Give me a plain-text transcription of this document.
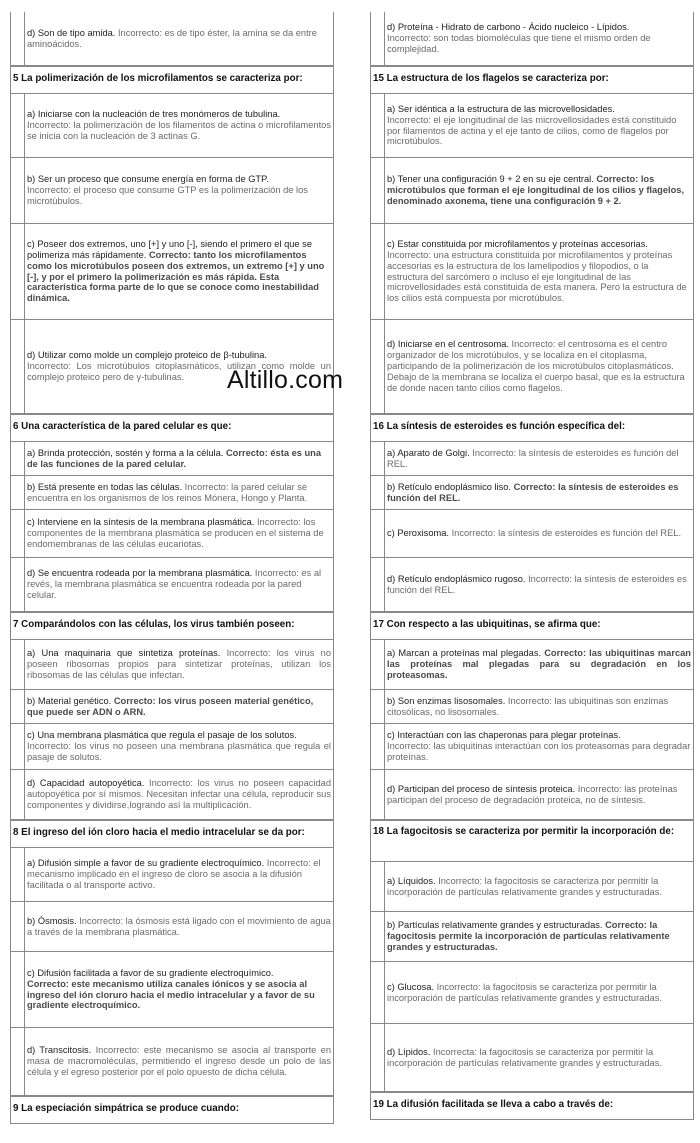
d) Son de tipo amida. Incorrecto: es de tipo éster, la amina se da entre aminoácidos.
5 La polimerización de los microfilamentos se caracteriza por:
a) Iniciarse con la nucleación de tres monómeros de tubulina.
Incorrecto: la polimerización de los filamentos de actina o microfilamentos se inicia con la nucleación de 3 actinas G.
b) Ser un proceso que consume energía en forma de GTP.
Incorrecto: el proceso que consume GTP es la polimerización de los microtúbulos.
c) Poseer dos extremos, uno [+] y uno [-], siendo el primero el que se polimeriza más rápidamente. Correcto: tanto los microfilamentos como los microtúbulos poseen dos extremos, un extremo [+] y uno [-], y por el primero la polimerización es más rápida. Esta característica forma parte de lo que se conoce como inestabilidad dinámica.
d) Utilizar como molde un complejo proteico de β-tubulina.
Incorrecto: Los microtúbulos citoplasmáticos, utilizan como molde un complejo proteico pero de γ-tubulinas.
6 Una característica de la pared celular es que:
a) Brinda protección, sostén y forma a la célula. Correcto: ésta es una de las funciones de la pared celular.
b) Está presente en todas las células. Incorrecto: la pared celular se encuentra en los organismos de los reinos Mónera, Hongo y Planta.
c) Interviene en la síntesis de la membrana plasmática. Incorrecto: los componentes de la membrana plasmática se producen en el sistema de endomembranas de las células eucariotas.
d) Se encuentra rodeada por la membrana plasmática. Incorrecto: es al revés, la membrana plasmática se encuentra rodeada por la pared celular.
7 Comparándolos con las células, los virus también poseen:
a) Una maquinaria que sintetiza proteínas. Incorrecto: los virus no poseen ribosomas propios para sintetizar proteínas, utilizan los ribosomas de las células que infectan.
b) Material genético. Correcto: los virus poseen material genético, que puede ser ADN o ARN.
c) Una membrana plasmática que regula el pasaje de los solutos.
Incorrecto: los virus no poseen una membrana plasmática que regula el pasaje de solutos.
d) Capacidad autopoyética. Incorrecto: los virus no poseen capacidad autopoyética por sí mismos. Necesitan infectar una célula, reproducir sus componentes y dividirse,logrando así la multiplicación.
8 El ingreso del ión cloro hacia el medio intracelular se da por:
a) Difusión simple a favor de su gradiente electroquímico. Incorrecto: el mecanismo implicado en el ingreso de cloro se asocia a la difusión facilitada o al transporte activo.
b) Ósmosis. Incorrecto: la ósmosis está ligado con el movimiento de agua a través de la membrana plasmática.
c) Difusión facilitada a favor de su gradiente electroquímico.
Correcto: este mecanismo utiliza canales iónicos y se asocia al ingreso del ión cloruro hacia el medio intracelular y a favor de su gradiente electroquímico.
d) Transcitosis. Incorrecto: este mecanismo se asocia al transporte en masa de macromoléculas, permitiendo el ingreso desde un polo de las célula y el egreso posterior por el polo opuesto de dicha célula.
9 La especiación simpátrica se produce cuando:
d) Proteína - Hidrato de carbono - Ácido nucleico - Lípidos.
Incorrecto: son todas biomoléculas que tiene el mismo orden de complejidad.
15 La estructura de los flagelos se caracteriza por:
a) Ser idéntica a la estructura de las microvellosidades.
Incorrecto: el eje longitudinal de las microvellosidades está constituido por filamentos de actina y el eje tanto de cilios, como de flagelos por microtúbulos.
b) Tener una configuración 9 + 2 en su eje central. Correcto: los microtúbulos que forman el eje longitudinal de los cilios y flagelos, denominado axonema, tiene una configuración 9 + 2.
c) Estar constituida por microfilamentos y proteínas accesorias.
Incorrecto: una estructura constituida por microfilamentos y proteínas accesorias es la estructura de los lamelipodios y filopodios, o la estructura del sarcómero o incluso el eje longitudinal de las microvellosidades está constituida de esta manera. Pero la estructura de los cilios está compuesta por microtúbulos.
d) Iniciarse en el centrosoma. Incorrecto: el centrosoma es el centro organizador de los microtúbulos, y se localiza en el citoplasma, participando de la polimerización de los microtúbulos citoplasmáticos. Debajo de la membrana se localiza el cuerpo basal, que es la estructura de donde nacen tanto cilios como flagelos.
16 La síntesis de esteroides es función específica del:
a) Aparato de Golgi. Incorrecto: la síntesis de esteroides es función del REL.
b) Retículo endoplásmico liso. Correcto: la síntesis de esteroides es función del REL.
c) Peroxisoma. Incorrecto: la síntesis de esteroides es función del REL.
d) Retículo endoplásmico rugoso. Incorrecto: la síntesis de esteroides es función del REL.
17 Con respecto a las ubiquitinas, se afirma que:
a) Marcan a proteínas mal plegadas. Correcto: las ubiquitinas marcan las proteínas mal plegadas para su degradación en los proteasomas.
b) Son enzimas lisosomales. Incorrecto: las ubiquitinas son enzimas citosólicas, no lisosomales.
c) Interactúan con las chaperonas para plegar proteínas.
Incorrecto: las ubiquitinas interactúan con los proteasomas para degradar proteínas.
d) Participan del proceso de síntesis proteica. Incorrecto: las proteínas participan del proceso de degradación proteica, no de síntesis.
18 La fagocitosis se caracteriza por permitir la incorporación de:
a) Líquidos. Incorrecto: la fagocitosis se caracteriza por permitir la incorporación de partículas relativamente grandes y estructuradas.
b) Partículas relativamente grandes y estructuradas. Correcto: la fagocitosis permite la incorporación de partículas relativamente grandes y estructuradas.
c) Glucosa. Incorrecto: la fagocitosis se caracteriza por permitir la incorporación de partículas relativamente grandes y estructuradas.
d) Lípidos. Incorrecta: la fagocitosis se caracteriza por permitir la incorporación de partículas relativamente grandes y estructuradas.
19 La difusión facilitada se lleva a cabo a través de:
Altillo.com
